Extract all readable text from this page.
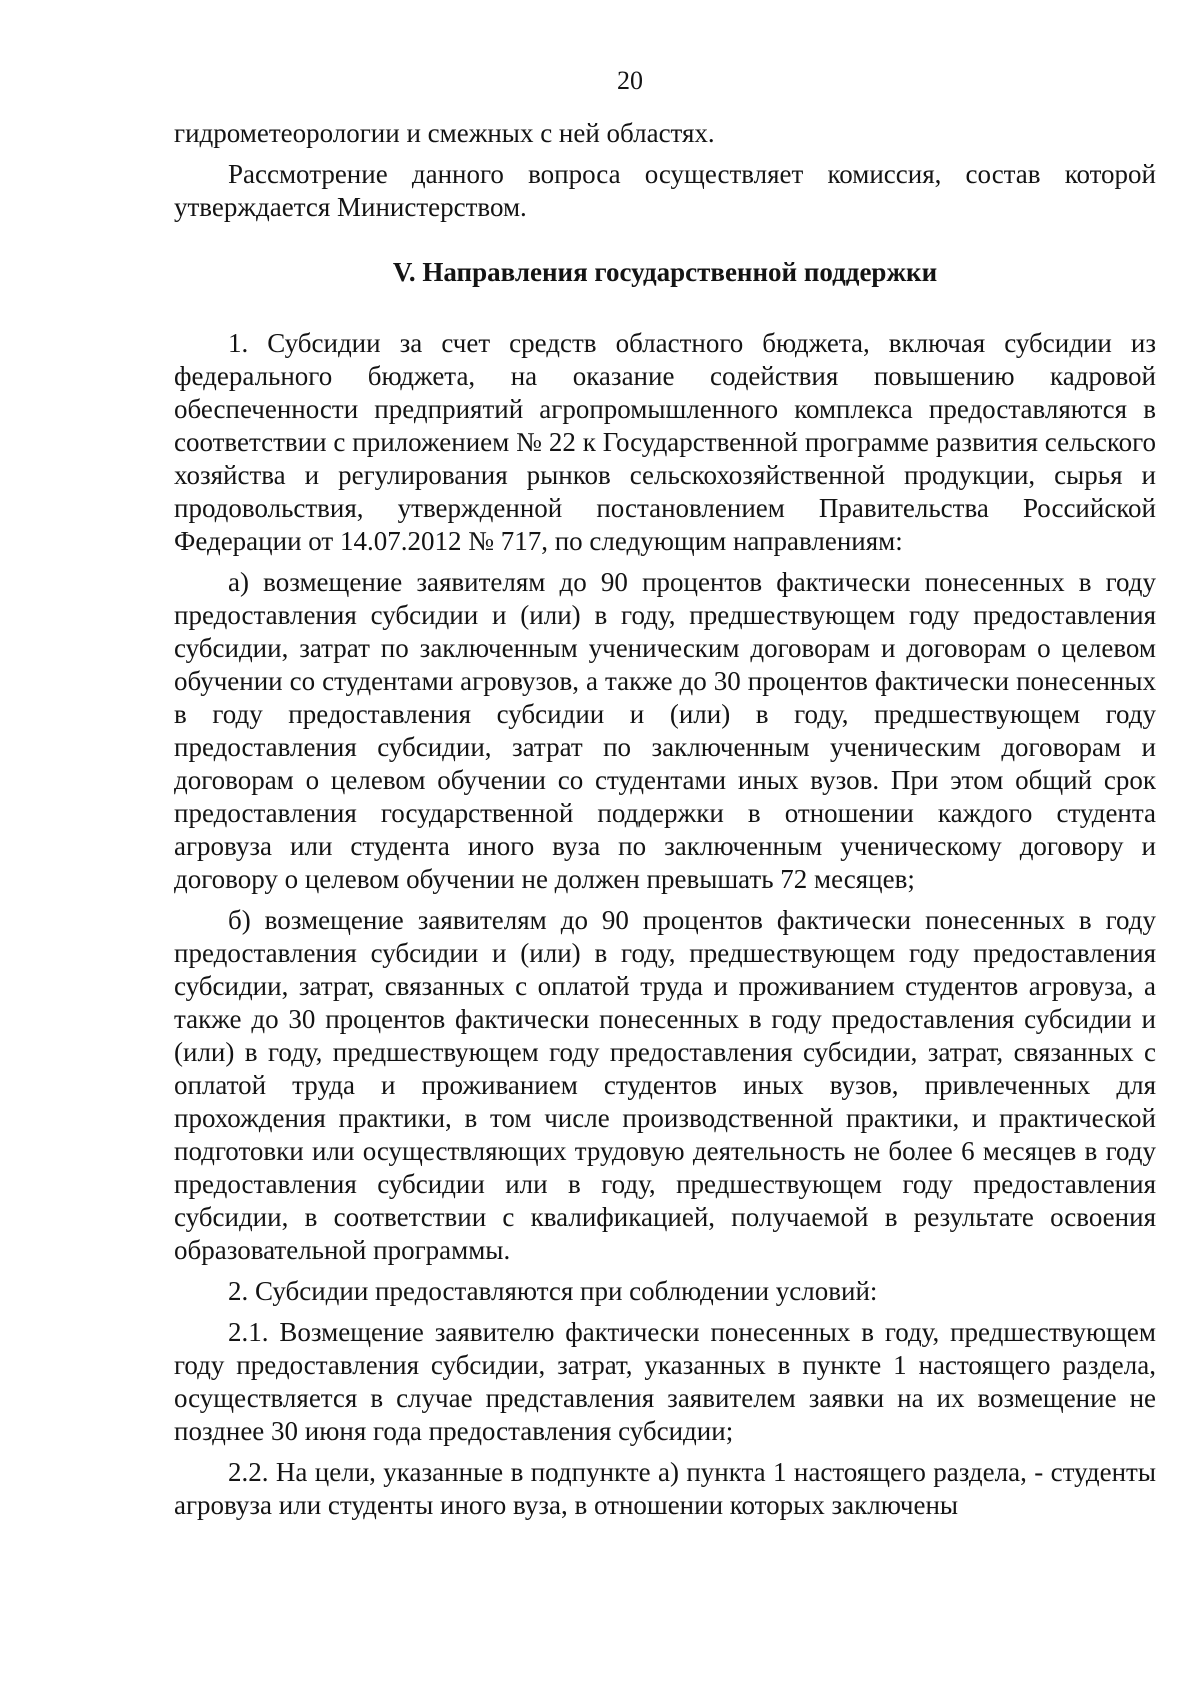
20

гидрометеорологии и смежных с ней областях.

Рассмотрение данного вопроса осуществляет комиссия, состав которой утверждается Министерством.

V. Направления государственной поддержки

1. Субсидии за счет средств областного бюджета, включая субсидии из федерального бюджета, на оказание содействия повышению кадровой обеспеченности предприятий агропромышленного комплекса предоставляются в соответствии с приложением № 22 к Государственной программе развития сельского хозяйства и регулирования рынков сельскохозяйственной продукции, сырья и продовольствия, утвержденной постановлением Правительства Российской Федерации от 14.07.2012 № 717, по следующим направлениям:

а) возмещение заявителям до 90 процентов фактически понесенных в году предоставления субсидии и (или) в году, предшествующем году предоставления субсидии, затрат по заключенным ученическим договорам и договорам о целевом обучении со студентами агровузов, а также до 30 процентов фактически понесенных в году предоставления субсидии и (или) в году, предшествующем году предоставления субсидии, затрат по заключенным ученическим договорам и договорам о целевом обучении со студентами иных вузов. При этом общий срок предоставления государственной поддержки в отношении каждого студента агровуза или студента иного вуза по заключенным ученическому договору и договору о целевом обучении не должен превышать 72 месяцев;

б) возмещение заявителям до 90 процентов фактически понесенных в году предоставления субсидии и (или) в году, предшествующем году предоставления субсидии, затрат, связанных с оплатой труда и проживанием студентов агровуза, а также до 30 процентов фактически понесенных в году предоставления субсидии и (или) в году, предшествующем году предоставления субсидии, затрат, связанных с оплатой труда и проживанием студентов иных вузов, привлеченных для прохождения практики, в том числе производственной практики, и практической подготовки или осуществляющих трудовую деятельность не более 6 месяцев в году предоставления субсидии или в году, предшествующем году предоставления субсидии, в соответствии с квалификацией, получаемой в результате освоения образовательной программы.

2. Субсидии предоставляются при соблюдении условий:

2.1. Возмещение заявителю фактически понесенных в году, предшествующем году предоставления субсидии, затрат, указанных в пункте 1 настоящего раздела, осуществляется в случае представления заявителем заявки на их возмещение не позднее 30 июня года предоставления субсидии;

2.2. На цели, указанные в подпункте а) пункта 1 настоящего раздела, - студенты агровуза или студенты иного вуза, в отношении которых заключены
